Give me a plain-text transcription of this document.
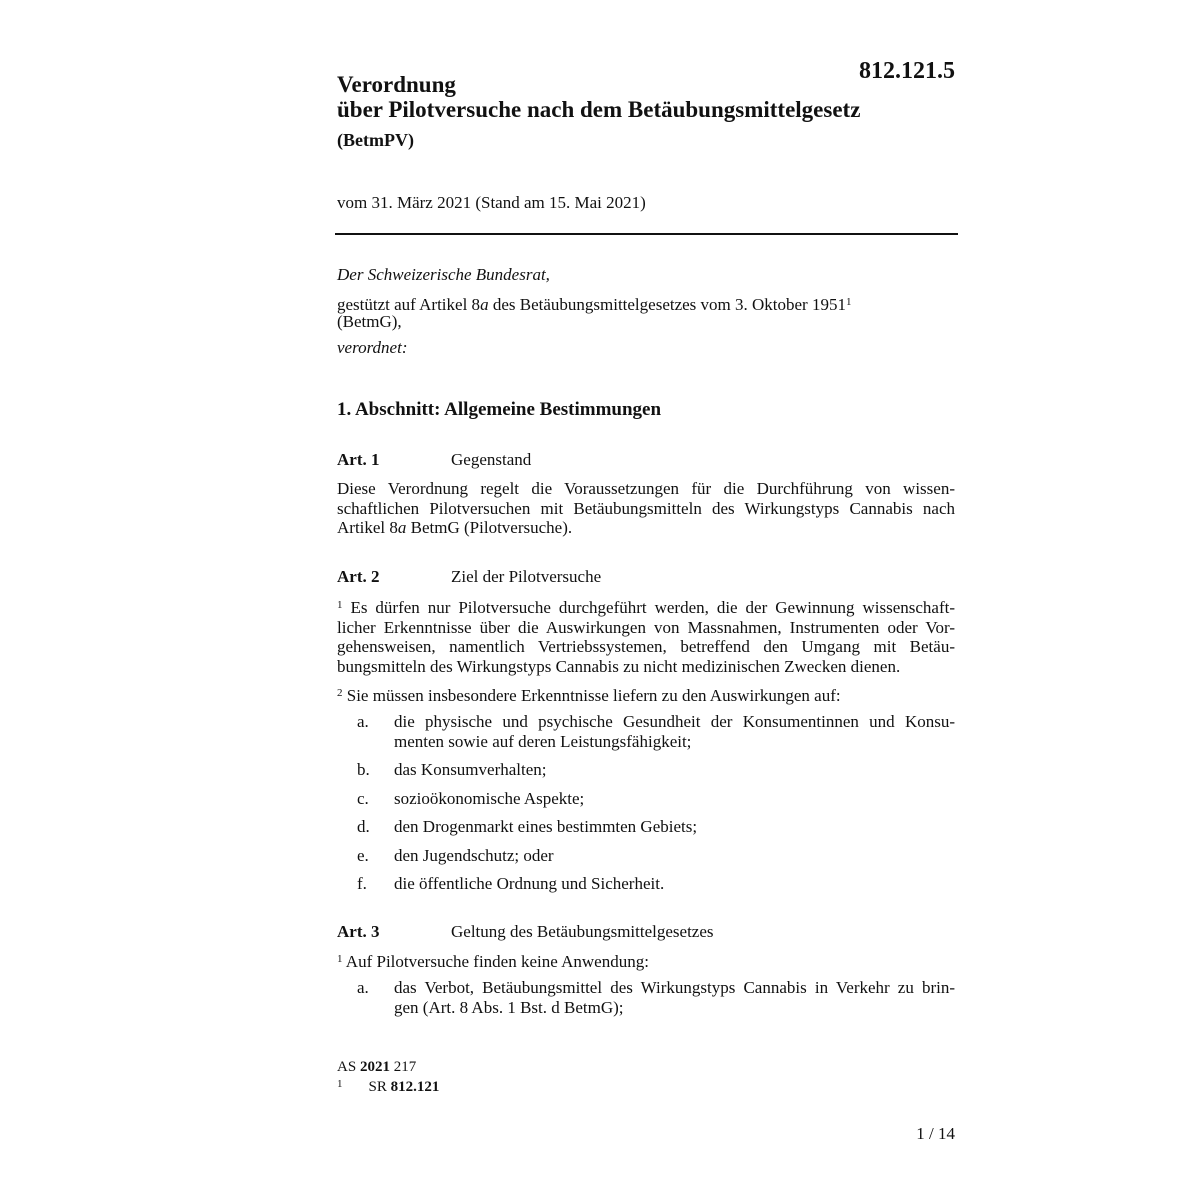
812.121.5
Verordnung
über Pilotversuche nach dem Betäubungsmittelgesetz
(BetmPV)
vom 31. März 2021 (Stand am 15. Mai 2021)
Der Schweizerische Bundesrat,
gestützt auf Artikel 8a des Betäubungsmittelgesetzes vom 3. Oktober 1951$^1$
(BetmG),
verordnet:
1. Abschnitt: Allgemeine Bestimmungen
Art. 1	Gegenstand
Diese Verordnung regelt die Voraussetzungen für die Durchführung von wissen-
schaftlichen Pilotversuchen mit Betäubungsmitteln des Wirkungstyps Cannabis nach
Artikel 8a BetmG (Pilotversuche).
Art. 2	Ziel der Pilotversuche
$^1$ Es dürfen nur Pilotversuche durchgeführt werden, die der Gewinnung wissenschaft-
licher Erkenntnisse über die Auswirkungen von Massnahmen, Instrumenten oder Vor-
gehensweisen, namentlich Vertriebssystemen, betreffend den Umgang mit Betäu-
bungsmitteln des Wirkungstyps Cannabis zu nicht medizinischen Zwecken dienen.
$^2$ Sie müssen insbesondere Erkenntnisse liefern zu den Auswirkungen auf:
a. die physische und psychische Gesundheit der Konsumentinnen und Konsu-
menten sowie auf deren Leistungsfähigkeit;
b. das Konsumverhalten;
c. sozioökonomische Aspekte;
d. den Drogenmarkt eines bestimmten Gebiets;
e. den Jugendschutz; oder
f. die öffentliche Ordnung und Sicherheit.
Art. 3	Geltung des Betäubungsmittelgesetzes
$^1$ Auf Pilotversuche finden keine Anwendung:
a. das Verbot, Betäubungsmittel des Wirkungstyps Cannabis in Verkehr zu brin-
gen (Art. 8 Abs. 1 Bst. d BetmG);
AS 2021 217
$^1$ SR 812.121
1 / 14
